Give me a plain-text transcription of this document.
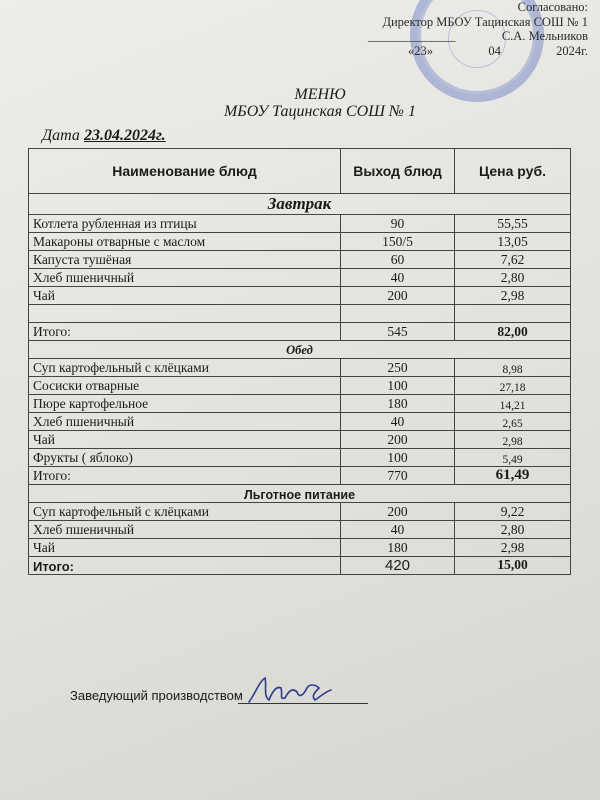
Согласовано:
Директор МБОУ Тацинская СОШ № 1
______________	С.А. Мельников
«23»	04	2024г.
МЕНЮ
МБОУ Тацинская СОШ № 1
Дата 23.04.2024г.
Наименование блюд	Выход блюд	Цена руб.
Завтрак		
Котлета рубленная из птицы	90	55,55
Макароны отварные с маслом	150/5	13,05
Капуста тушёная	60	7,62
Хлеб пшеничный	40	2,80
Чай	200	2,98

Итого:	545	82,00
Обед		
Суп картофельный с клёцками	250	8,98
Сосиски отварные	100	27,18
Пюре картофельное	180	14,21
Хлеб пшеничный	40	2,65
Чай	200	2,98
Фрукты ( яблоко)	100	5,49
Итого:	770	61,49
Льготное питание		
Суп картофельный с клёцками	200	9,22
Хлеб пшеничный	40	2,80
Чай	180	2,98
Итого:	420	15,00
Заведующий производством
